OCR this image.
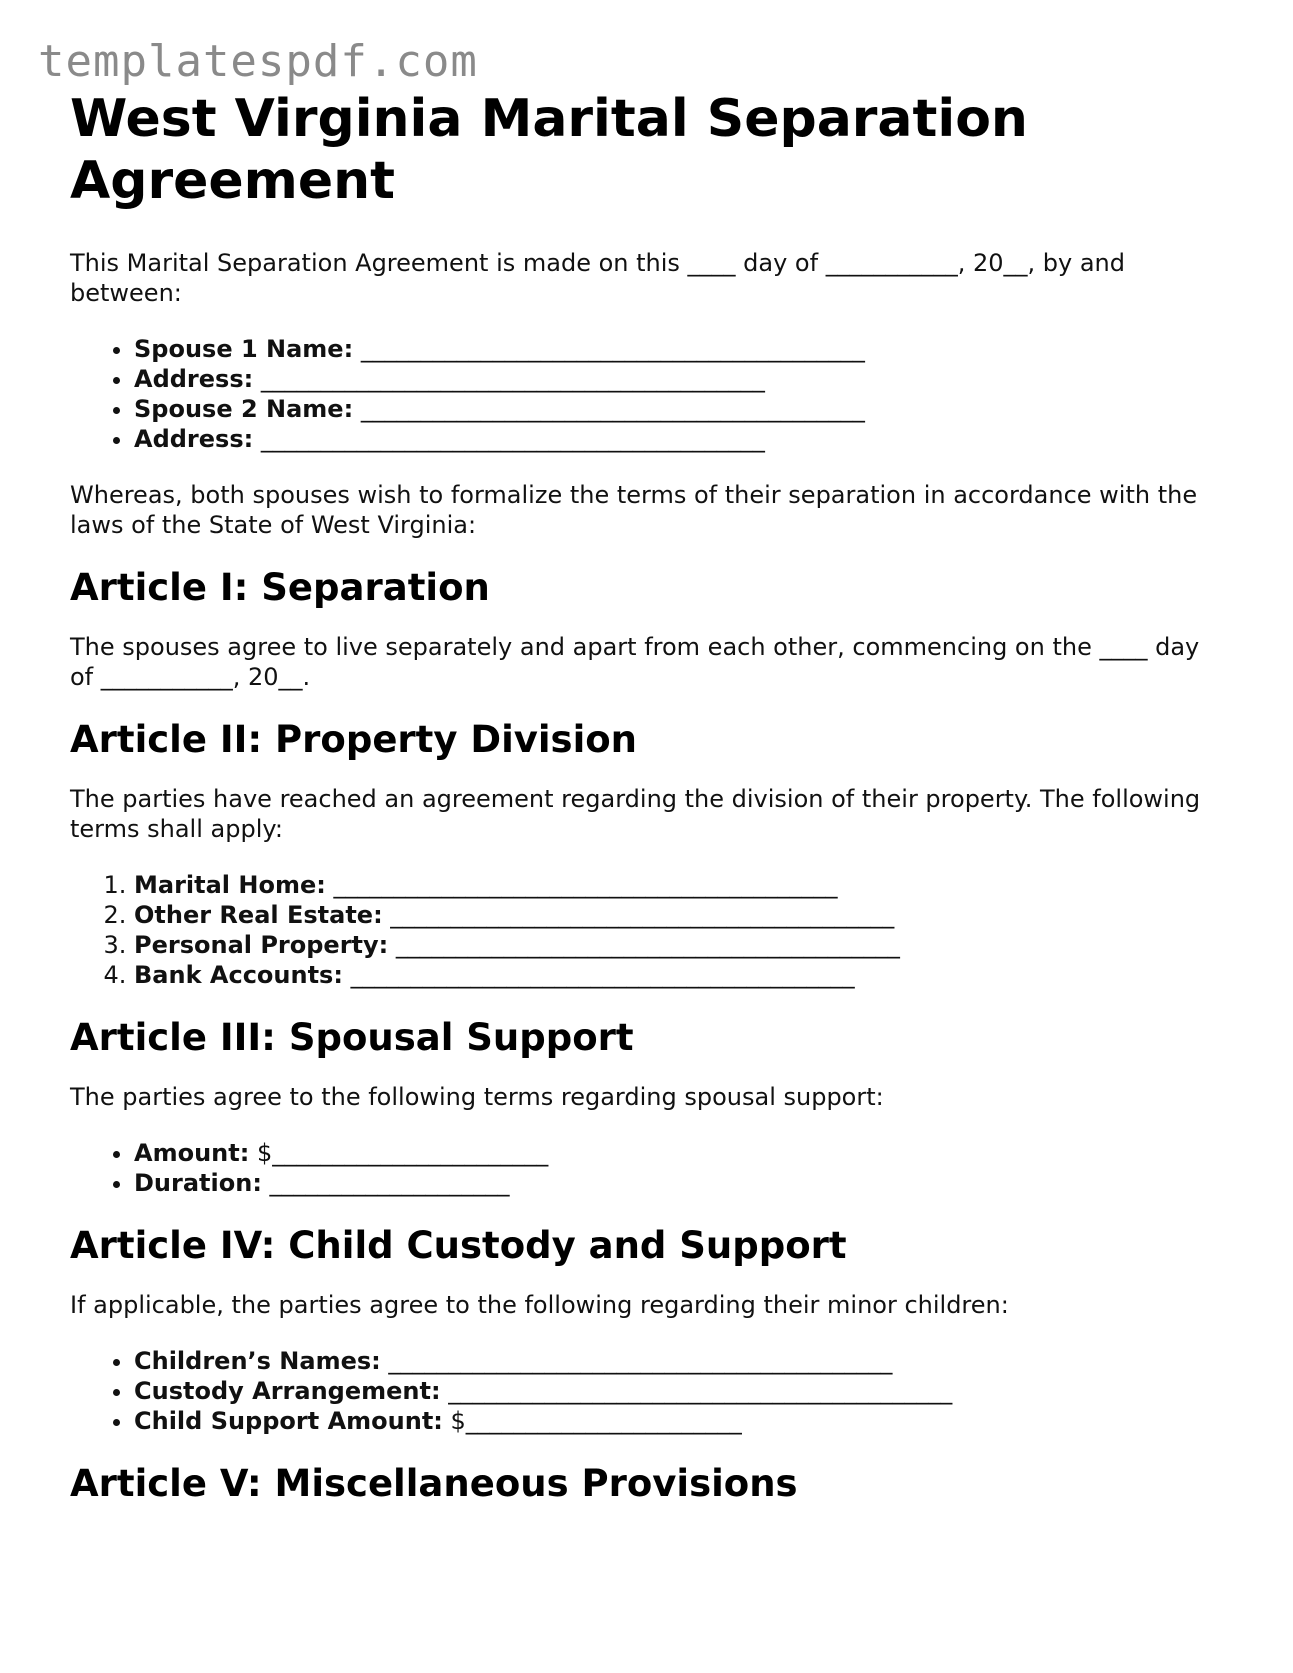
templatespdf.com
West Virginia Marital Separation Agreement

This Marital Separation Agreement is made on this ____ day of ___________, 20__, by and between:

• Spouse 1 Name: __________________________________________
• Address: __________________________________________
• Spouse 2 Name: __________________________________________
• Address: __________________________________________

Whereas, both spouses wish to formalize the terms of their separation in accordance with the laws of the State of West Virginia:

Article I: Separation

The spouses agree to live separately and apart from each other, commencing on the ____ day of ___________, 20__.

Article II: Property Division

The parties have reached an agreement regarding the division of their property. The following terms shall apply:

1. Marital Home: __________________________________________
2. Other Real Estate: __________________________________________
3. Personal Property: __________________________________________
4. Bank Accounts: __________________________________________
Article III: Spousal Support

The parties agree to the following terms regarding spousal support:

• Amount: $_______________________
• Duration: ____________________
Article IV: Child Custody and Support

If applicable, the parties agree to the following regarding their minor children:

• Children’s Names: __________________________________________
• Custody Arrangement: __________________________________________
• Child Support Amount: $_______________________
Article V: Miscellaneous Provisions
